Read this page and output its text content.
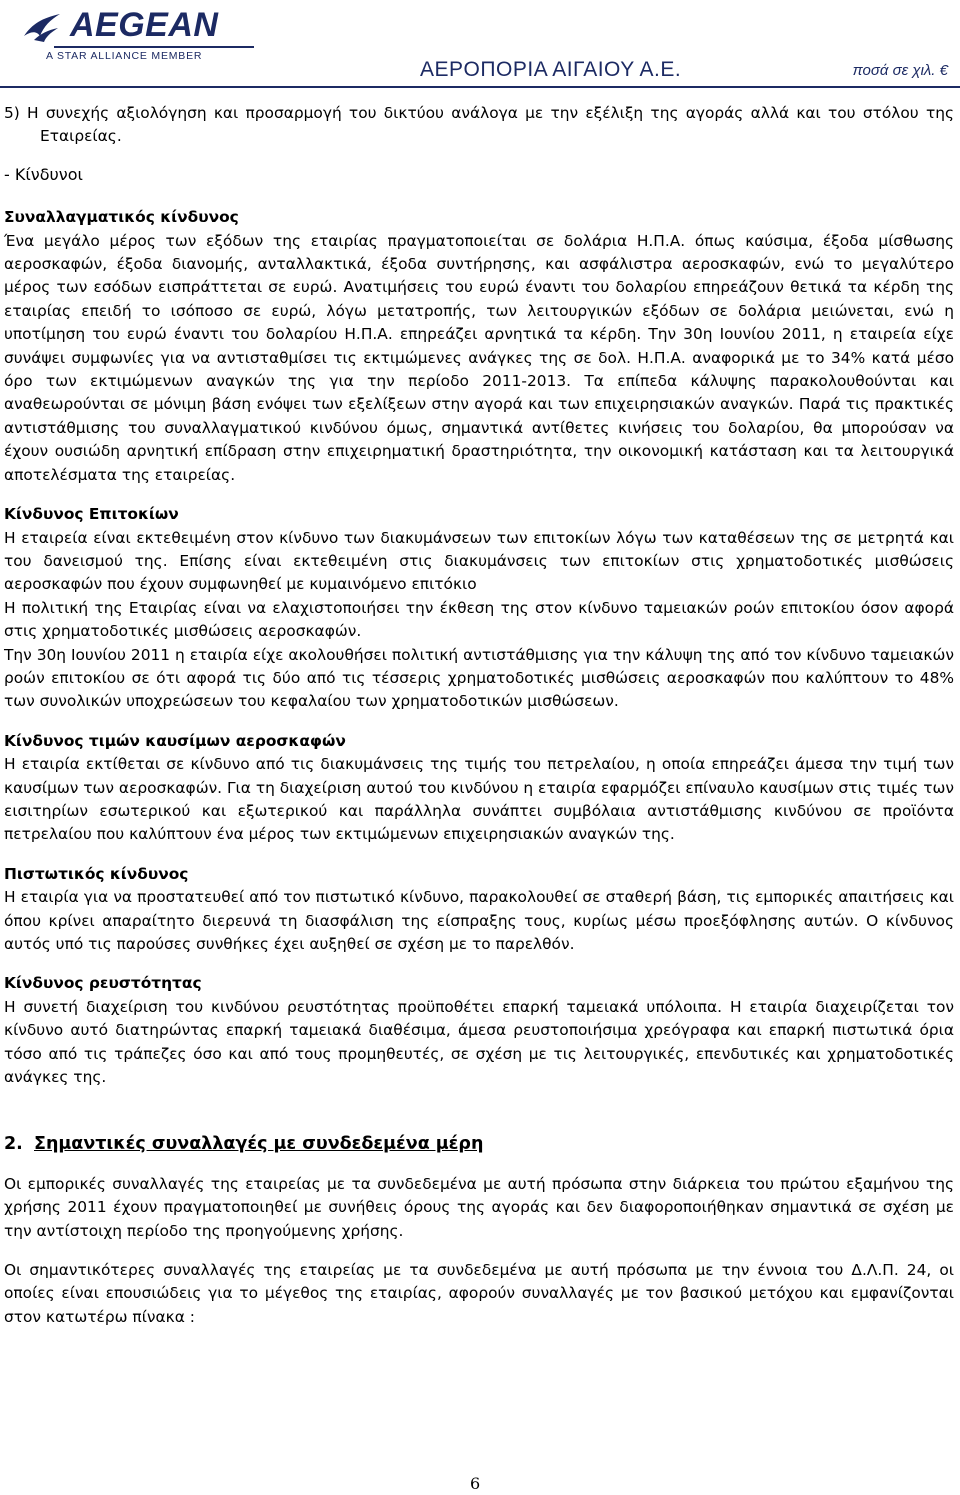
AEGEAN
A STAR ALLIANCE MEMBER
ΑΕΡΟΠΟΡΙΑ ΑΙΓΑΙΟΥ Α.Ε.	ποσά σε χιλ. €

5) Η συνεχής αξιολόγηση και προσαρμογή του δικτύου ανάλογα με την εξέλιξη της αγοράς αλλά και του στόλου της Εταιρείας.

- Κίνδυνοι

Συναλλαγματικός κίνδυνος

Ένα μεγάλο μέρος των εξόδων της εταιρίας πραγματοποιείται σε δολάρια Η.Π.Α. όπως καύσιμα, έξοδα μίσθωσης αεροσκαφών, έξοδα διανομής, ανταλλακτικά, έξοδα συντήρησης, και ασφάλιστρα αεροσκαφών, ενώ το μεγαλύτερο μέρος των εσόδων εισπράττεται σε ευρώ. Ανατιμήσεις του ευρώ έναντι του δολαρίου επηρεάζουν θετικά τα κέρδη της εταιρίας επειδή το ισόποσο σε ευρώ, λόγω μετατροπής, των λειτουργικών εξόδων σε δολάρια μειώνεται, ενώ η υποτίμηση του ευρώ έναντι του δολαρίου Η.Π.Α. επηρεάζει αρνητικά τα κέρδη. Την 30η Ιουνίου 2011, η εταιρεία είχε συνάψει συμφωνίες για να αντισταθμίσει τις εκτιμώμενες ανάγκες της σε δολ. Η.Π.Α. αναφορικά με το 34% κατά μέσο όρο των εκτιμώμενων αναγκών της για την περίοδο 2011-2013. Τα επίπεδα κάλυψης παρακολουθούνται και αναθεωρούνται σε μόνιμη βάση ενόψει των εξελίξεων στην αγορά και των επιχειρησιακών αναγκών. Παρά τις πρακτικές αντιστάθμισης του συναλλαγματικού κινδύνου όμως, σημαντικά αντίθετες κινήσεις του δολαρίου, θα μπορούσαν να έχουν ουσιώδη αρνητική επίδραση στην επιχειρηματική δραστηριότητα, την οικονομική κατάσταση και τα λειτουργικά αποτελέσματα της εταιρείας.

Κίνδυνος Επιτοκίων

Η εταιρεία είναι εκτεθειμένη στον κίνδυνο των διακυμάνσεων των επιτοκίων λόγω των καταθέσεων της σε μετρητά και του δανεισμού της. Επίσης είναι εκτεθειμένη στις διακυμάνσεις των επιτοκίων στις χρηματοδοτικές μισθώσεις αεροσκαφών που έχουν συμφωνηθεί με κυμαινόμενο επιτόκιο

Η πολιτική της Εταιρίας είναι να ελαχιστοποιήσει την έκθεση της στον κίνδυνο ταμειακών ροών επιτοκίου όσον αφορά στις χρηματοδοτικές μισθώσεις αεροσκαφών.

Την 30η Ιουνίου 2011 η εταιρία είχε ακολουθήσει πολιτική αντιστάθμισης για την κάλυψη της από τον κίνδυνο ταμειακών ροών επιτοκίου σε ότι αφορά τις δύο από τις τέσσερις χρηματοδοτικές μισθώσεις αεροσκαφών που καλύπτουν το 48% των συνολικών υποχρεώσεων του κεφαλαίου των χρηματοδοτικών μισθώσεων.

Κίνδυνος τιμών καυσίμων αεροσκαφών

Η εταιρία εκτίθεται σε κίνδυνο από τις διακυμάνσεις της τιμής του πετρελαίου, η οποία επηρεάζει άμεσα την τιμή των καυσίμων των αεροσκαφών. Για τη διαχείριση αυτού του κινδύνου η εταιρία εφαρμόζει επίναυλο καυσίμων στις τιμές των εισιτηρίων εσωτερικού και εξωτερικού και παράλληλα συνάπτει συμβόλαια αντιστάθμισης κινδύνου σε προϊόντα πετρελαίου που καλύπτουν ένα μέρος των εκτιμώμενων επιχειρησιακών αναγκών της.

Πιστωτικός κίνδυνος

Η εταιρία για να προστατευθεί από τον πιστωτικό κίνδυνο, παρακολουθεί σε σταθερή βάση, τις εμπορικές απαιτήσεις και όπου κρίνει απαραίτητο διερευνά τη διασφάλιση της είσπραξης τους, κυρίως μέσω προεξόφλησης αυτών. Ο κίνδυνος αυτός υπό τις παρούσες συνθήκες έχει αυξηθεί σε σχέση με το παρελθόν.

Κίνδυνος ρευστότητας

Η συνετή διαχείριση του κινδύνου ρευστότητας προϋποθέτει επαρκή ταμειακά υπόλοιπα. Η εταιρία διαχειρίζεται τον κίνδυνο αυτό διατηρώντας επαρκή ταμειακά διαθέσιμα, άμεσα ρευστοποιήσιμα χρεόγραφα και επαρκή πιστωτικά όρια τόσο από τις τράπεζες όσο και από τους προμηθευτές, σε σχέση με τις λειτουργικές, επενδυτικές και χρηματοδοτικές ανάγκες της.

2. Σημαντικές συναλλαγές με συνδεδεμένα μέρη

Οι εμπορικές συναλλαγές της εταιρείας με τα συνδεδεμένα με αυτή πρόσωπα στην διάρκεια του πρώτου εξαμήνου της χρήσης 2011 έχουν πραγματοποιηθεί με συνήθεις όρους της αγοράς και δεν διαφοροποιήθηκαν σημαντικά σε σχέση με την αντίστοιχη περίοδο της προηγούμενης χρήσης.

Οι σημαντικότερες συναλλαγές της εταιρείας με τα συνδεδεμένα με αυτή πρόσωπα με την έννοια του Δ.Λ.Π. 24, οι οποίες είναι επουσιώδεις για το μέγεθος της εταιρίας, αφορούν συναλλαγές με τον βασικού μετόχου και εμφανίζονται στον κατωτέρω πίνακα :

6
